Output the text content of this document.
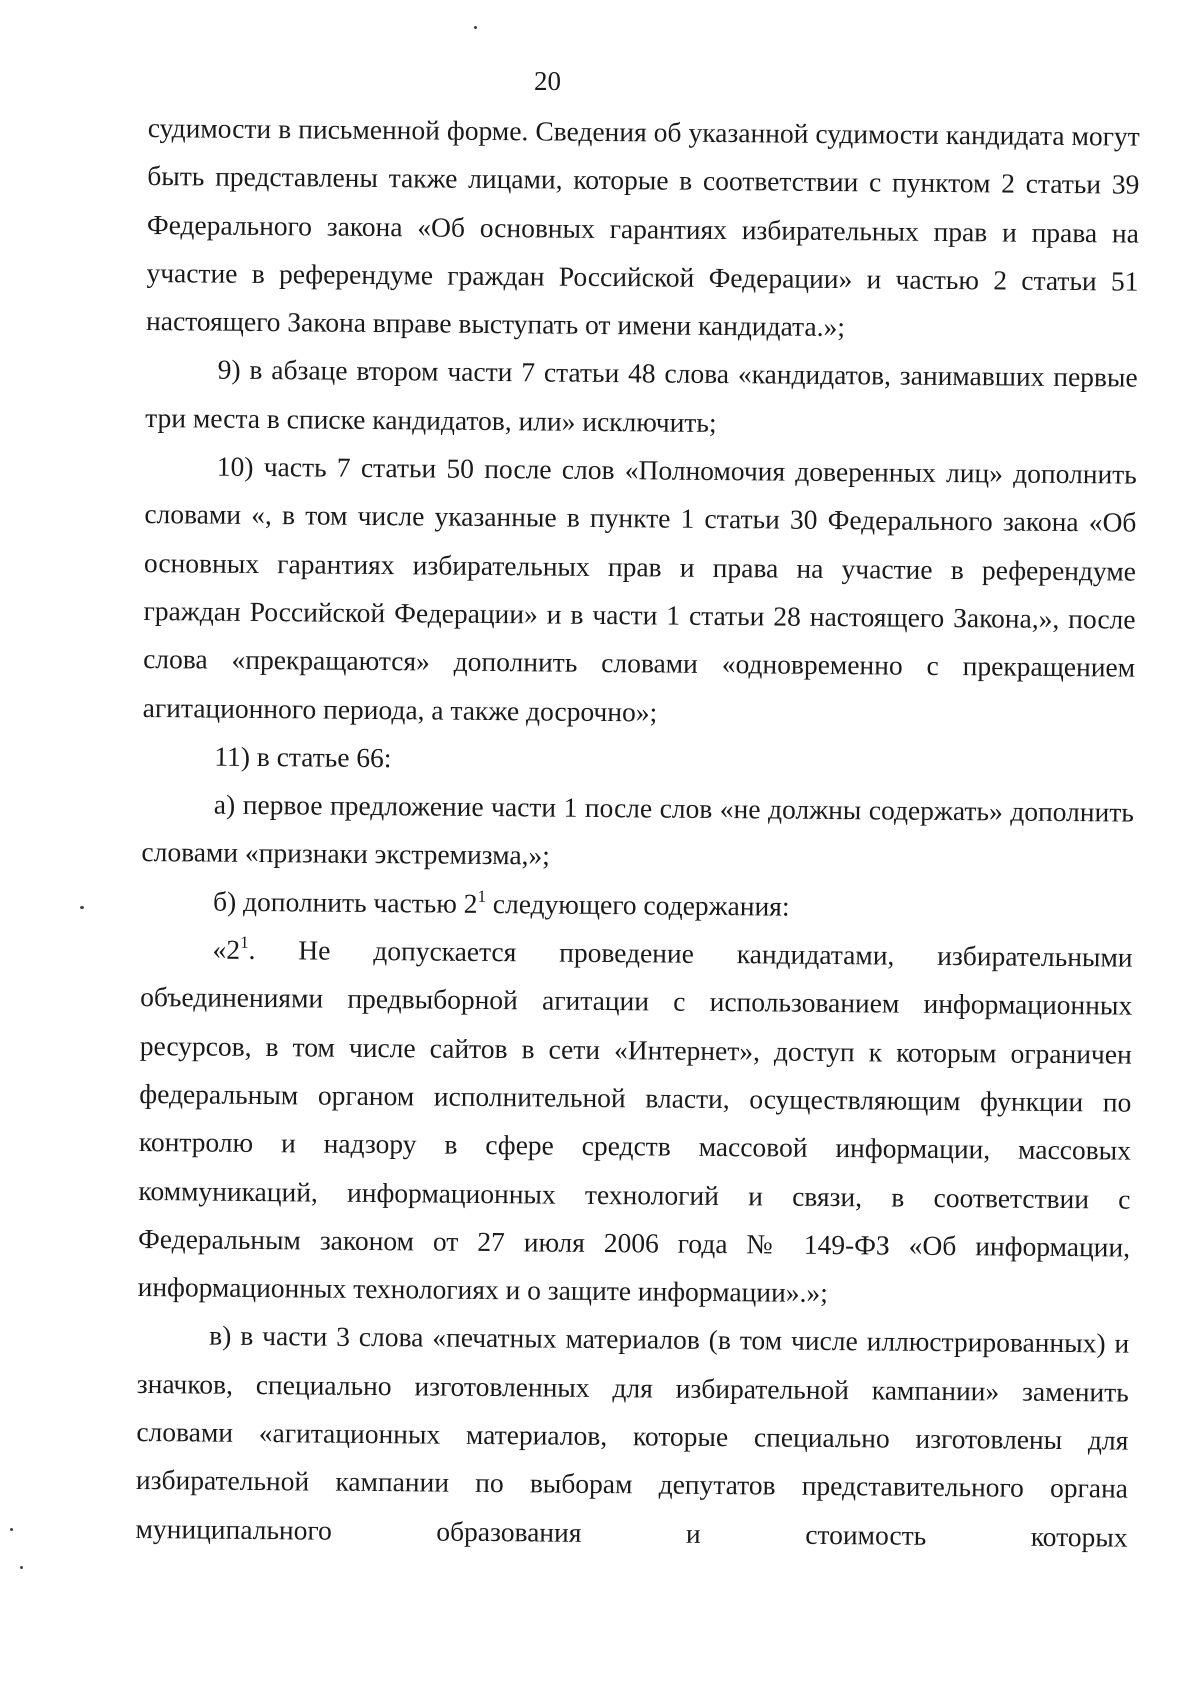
20

судимости в письменной форме. Сведения об указанной судимости кандидата могут быть представлены также лицами, которые в соответствии с пунктом 2 статьи 39 Федерального закона «Об основных гарантиях избирательных прав и права на участие в референдуме граждан Российской Федерации» и частью 2 статьи 51 настоящего Закона вправе выступать от имени кандидата.»;

9) в абзаце втором части 7 статьи 48 слова «кандидатов, занимавших первые три места в списке кандидатов, или» исключить;

10) часть 7 статьи 50 после слов «Полномочия доверенных лиц» дополнить словами «, в том числе указанные в пункте 1 статьи 30 Федерального закона «Об основных гарантиях избирательных прав и права на участие в референдуме граждан Российской Федерации» и в части 1 статьи 28 настоящего Закона,», после слова «прекращаются» дополнить словами «одновременно с прекращением агитационного периода, а также досрочно»;

11) в статье 66:

а) первое предложение части 1 после слов «не должны содержать» дополнить словами «признаки экстремизма,»;

б) дополнить частью $2^1$ следующего содержания:

«$2^1$. Не допускается проведение кандидатами, избирательными объединениями предвыборной агитации с использованием информационных ресурсов, в том числе сайтов в сети «Интернет», доступ к которым ограничен федеральным органом исполнительной власти, осуществляющим функции по контролю и надзору в сфере средств массовой информации, массовых коммуникаций, информационных технологий и связи, в соответствии с Федеральным законом от 27 июля 2006 года № 149-ФЗ «Об информации, информационных технологиях и о защите информации».»;

в) в части 3 слова «печатных материалов (в том числе иллюстрированных) и значков, специально изготовленных для избирательной кампании» заменить словами «агитационных материалов, которые специально изготовлены для избирательной кампании по выборам депутатов представительного органа муниципального образования и стоимость которых
